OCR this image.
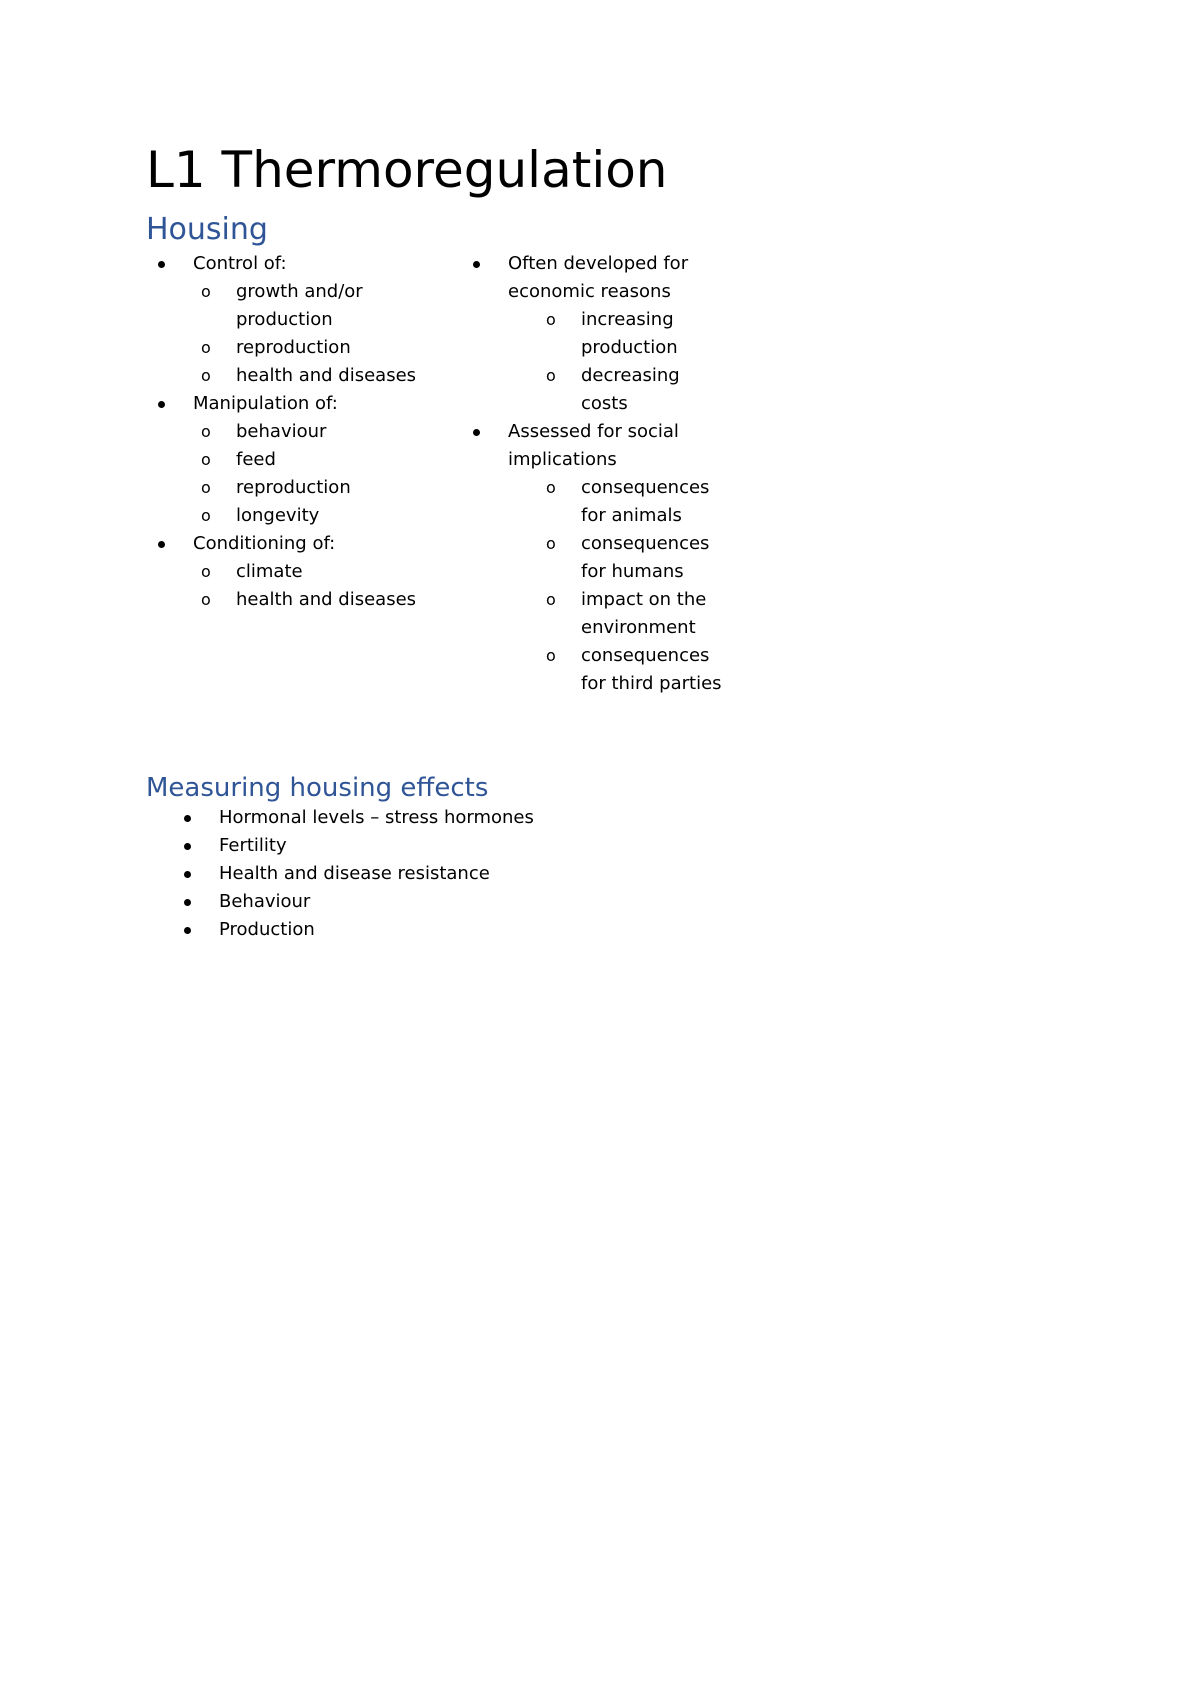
L1 Thermoregulation
Housing
Control of:
o growth and/or production
o reproduction
o health and diseases
Manipulation of:
o behaviour
o feed
o reproduction
o longevity
Conditioning of:
o climate
o health and diseases
Often developed for economic reasons
o increasing production
o decreasing costs
Assessed for social implications
o consequences for animals
o consequences for humans
o impact on the environment
o consequences for third parties
Measuring housing effects
Hormonal levels – stress hormones
Fertility
Health and disease resistance
Behaviour
Production
